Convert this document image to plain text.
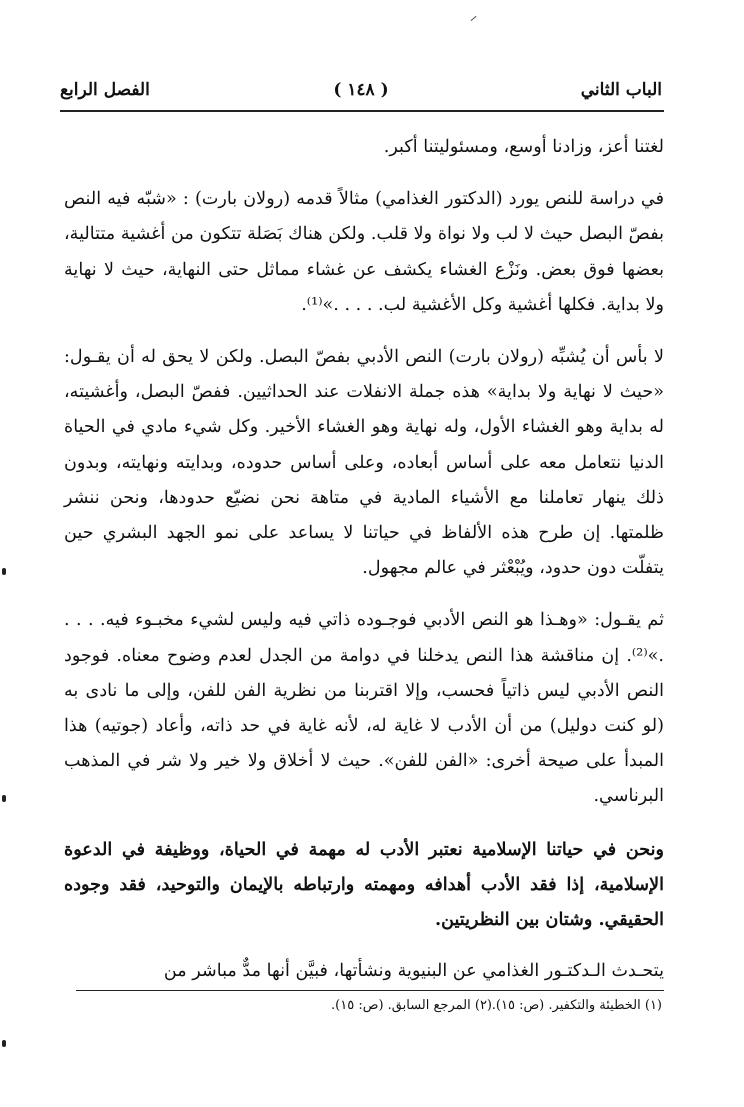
الباب الثاني
( ١٤٨ )
الفصل الرابع

لغتنا أعز، وزادنا أوسع، ومسئوليتنا أكبر.

في دراسة للنص يورد (الدكتور الغذامي) مثالاً قدمه (رولان بارت) : «شبّه فيه النص بفصّ البصل حيث لا لب ولا نواة ولا قلب. ولكن هناك بَصَلة تتكون من أغشية متتالية، بعضها فوق بعض. ونَزْع الغشاء يكشف عن غشاء مماثل حتى النهاية، حيث لا نهاية ولا بداية. فكلها أغشية وكل الأغشية لب. . . . .»⁽¹⁾.

لا بأس أن يُشبِّه (رولان بارت) النص الأدبي بفصّ البصل. ولكن لا يحق له أن يقـول: «حيث لا نهاية ولا بداية» هذه جملة الانفلات عند الحداثيين. ففصّ البصل، وأغشيته، له بداية وهو الغشاء الأول، وله نهاية وهو الغشاء الأخير. وكل شيء مادي في الحياة الدنيا نتعامل معه على أساس أبعاده، وعلى أساس حدوده، وبدايته ونهايته، وبدون ذلك ينهار تعاملنا مع الأشياء المادية في متاهة نحن نضيّع حدودها، ونحن ننشر ظلمتها. إن طرح هذه الألفاظ في حياتنا لا يساعد على نمو الجهد البشري حين يتفلّت دون حدود، ويُبْعْثر في عالم مجهول.

ثم يقـول: «وهـذا هو النص الأدبي فوجـوده ذاتي فيه وليس لشيء مخبـوء فيه. . . . .»⁽²⁾. إن مناقشة هذا النص يدخلنا في دوامة من الجدل لعدم وضوح معناه. فوجود النص الأدبي ليس ذاتياً فحسب، وإلا اقتربنا من نظرية الفن للفن، وإلى ما نادى به (لو كنت دوليل) من أن الأدب لا غاية له، لأنه غاية في حد ذاته، وأعاد (جوتيه) هذا المبدأ على صيحة أخرى: «الفن للفن». حيث لا أخلاق ولا خير ولا شر في المذهب البرناسي.

ونحن في حياتنا الإسلامية نعتبر الأدب له مهمة في الحياة، ووظيفة في الدعوة الإسلامية، إذا فقد الأدب أهدافه ومهمته وارتباطه بالإيمان والتوحيد، فقد وجوده الحقيقي. وشتان بين النظريتين.

يتحـدث الـدكتـور الغذامي عن البنيوية ونشأتها، فبيَّن أنها مدٌّ مباشر من

(١) الخطيئة والتكفير. (ص: ١٥).
(٢) المرجع السابق. (ص: ١٥).
